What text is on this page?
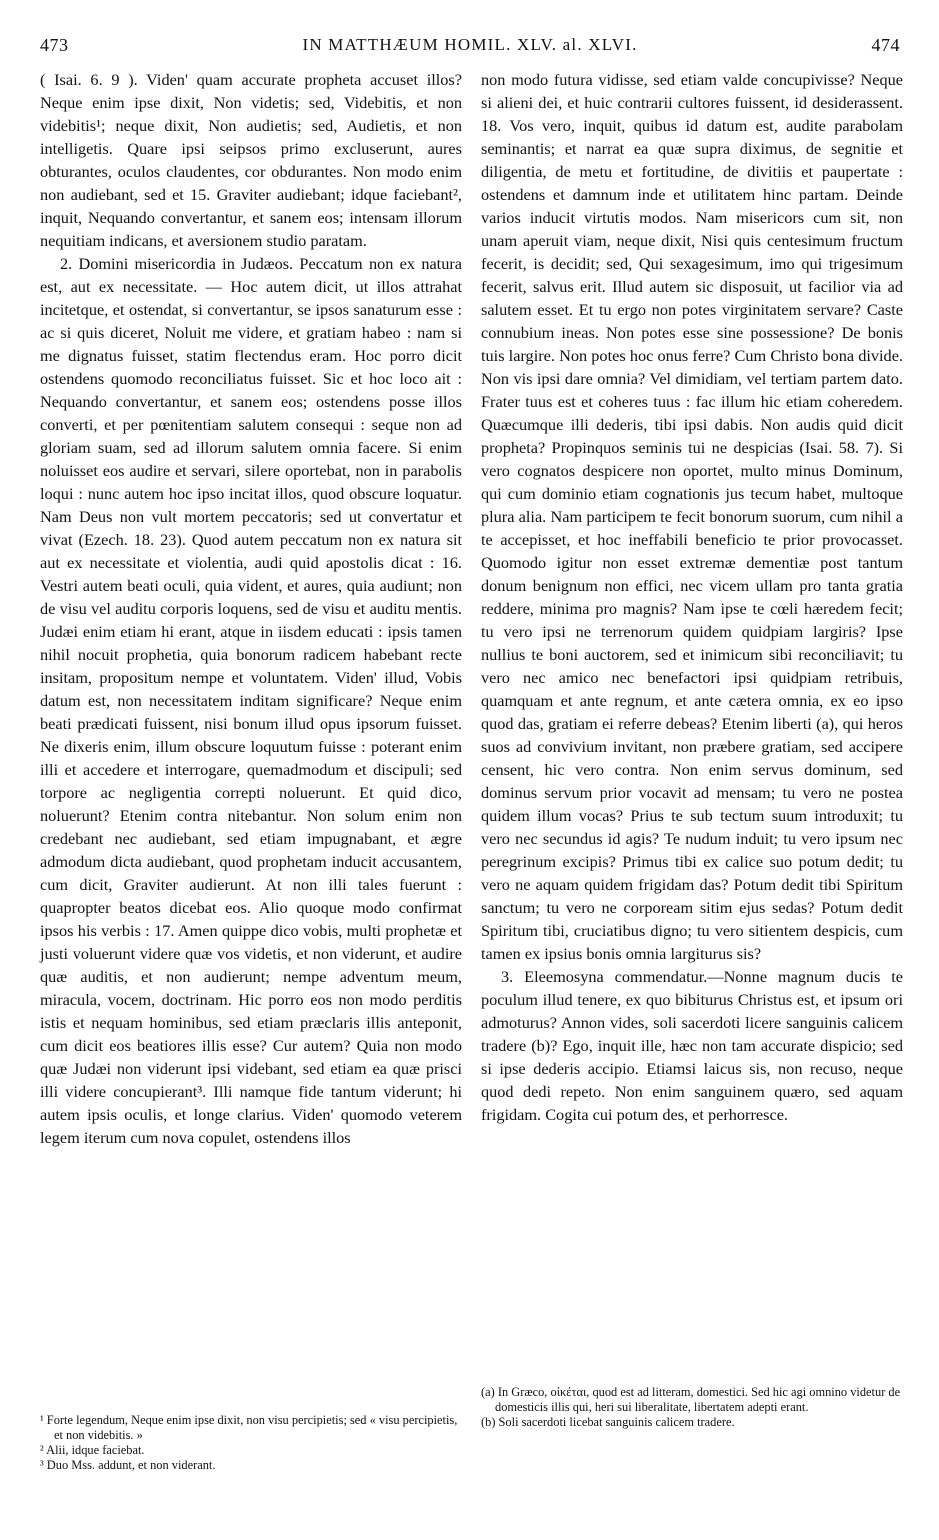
473	IN MATTHÆUM HOMIL. XLV. al. XLVI.	474

( Isai. 6. 9 ). Viden' quam accurate propheta accuset illos? Neque enim ipse dixit, Non videtis; sed, Videbitis, et non videbitis¹; neque dixit, Non audietis; sed, Audietis, et non intelligetis. Quare ipsi seipsos primo excluserunt, aures obturantes, oculos claudentes, cor obdurantes. Non modo enim non audiebant, sed et 15. Graviter audiebant; idque faciebant², inquit, Nequando convertantur, et sanem eos; intensam illorum nequitiam indicans, et aversionem studio paratam.

2. Domini misericordia in Judæos. Peccatum non ex natura est, aut ex necessitate. — Hoc autem dicit, ut illos attrahat incitetque, et ostendat, si convertantur, se ipsos sanaturum esse : ac si quis diceret, Noluit me videre, et gratiam habeo : nam si me dignatus fuisset, statim flectendus eram. Hoc porro dicit ostendens quomodo reconciliatus fuisset. Sic et hoc loco ait : Nequando convertantur, et sanem eos; ostendens posse illos converti, et per pœnitentiam salutem consequi : seque non ad gloriam suam, sed ad illorum salutem omnia facere. Si enim noluisset eos audire et servari, silere oportebat, non in parabolis loqui : nunc autem hoc ipso incitat illos, quod obscure loquatur. Nam Deus non vult mortem peccatoris; sed ut convertatur et vivat (Ezech. 18. 23). Quod autem peccatum non ex natura sit aut ex necessitate et violentia, audi quid apostolis dicat : 16. Vestri autem beati oculi, quia vident, et aures, quia audiunt; non de visu vel auditu corporis loquens, sed de visu et auditu mentis. Judæi enim etiam hi erant, atque in iisdem educati : ipsis tamen nihil nocuit prophetia, quia bonorum radicem habebant recte insitam, propositum nempe et voluntatem. Viden' illud, Vobis datum est, non necessitatem inditam significare? Neque enim beati prædicati fuissent, nisi bonum illud opus ipsorum fuisset. Ne dixeris enim, illum obscure loquutum fuisse : poterant enim illi et accedere et interrogare, quemadmodum et discipuli; sed torpore ac negligentia correpti noluerunt. Et quid dico, noluerunt? Etenim contra nitebantur. Non solum enim non credebant nec audiebant, sed etiam impugnabant, et ægre admodum dicta audiebant, quod prophetam inducit accusantem, cum dicit, Graviter audierunt. At non illi tales fuerunt : quapropter beatos dicebat eos. Alio quoque modo confirmat ipsos his verbis : 17. Amen quippe dico vobis, multi prophetæ et justi voluerunt videre quæ vos videtis, et non viderunt, et audire quæ auditis, et non audierunt; nempe adventum meum, miracula, vocem, doctrinam. Hic porro eos non modo perditis istis et nequam hominibus, sed etiam præclaris illis anteponit, cum dicit eos beatiores illis esse? Cur autem? Quia non modo quæ Judæi non viderunt ipsi videbant, sed etiam ea quæ prisci illi videre concupierant³. Illi namque fide tantum viderunt; hi autem ipsis oculis, et longe clarius. Viden' quomodo veterem legem iterum cum nova copulet, ostendens illos

non modo futura vidisse, sed etiam valde concupivisse? Neque si alieni dei, et huic contrarii cultores fuissent, id desiderassent. 18. Vos vero, inquit, quibus id datum est, audite parabolam seminantis; et narrat ea quæ supra diximus, de segnitie et diligentia, de metu et fortitudine, de divitiis et paupertate : ostendens et damnum inde et utilitatem hinc partam. Deinde varios inducit virtutis modos. Nam misericors cum sit, non unam aperuit viam, neque dixit, Nisi quis centesimum fructum fecerit, is decidit; sed, Qui sexagesimum, imo qui trigesimum fecerit, salvus erit. Illud autem sic disposuit, ut facilior via ad salutem esset. Et tu ergo non potes virginitatem servare? Caste connubium ineas. Non potes esse sine possessione? De bonis tuis largire. Non potes hoc onus ferre? Cum Christo bona divide. Non vis ipsi dare omnia? Vel dimidiam, vel tertiam partem dato. Frater tuus est et coheres tuus : fac illum hic etiam coheredem. Quæcumque illi dederis, tibi ipsi dabis. Non audis quid dicit propheta? Propinquos seminis tui ne despicias (Isai. 58. 7). Si vero cognatos despicere non oportet, multo minus Dominum, qui cum dominio etiam cognationis jus tecum habet, multoque plura alia. Nam participem te fecit bonorum suorum, cum nihil a te accepisset, et hoc ineffabili beneficio te prior provocasset. Quomodo igitur non esset extremæ dementiæ post tantum donum benignum non effici, nec vicem ullam pro tanta gratia reddere, minima pro magnis? Nam ipse te cœli hæredem fecit; tu vero ipsi ne terrenorum quidem quidpiam largiris? Ipse nullius te boni auctorem, sed et inimicum sibi reconciliavit; tu vero nec amico nec benefactori ipsi quidpiam retribuis, quamquam et ante regnum, et ante cætera omnia, ex eo ipso quod das, gratiam ei referre debeas? Etenim liberti (a), qui heros suos ad convivium invitant, non præbere gratiam, sed accipere censent, hic vero contra. Non enim servus dominum, sed dominus servum prior vocavit ad mensam; tu vero ne postea quidem illum vocas? Prius te sub tectum suum introduxit; tu vero nec secundus id agis? Te nudum induit; tu vero ipsum nec peregrinum excipis? Primus tibi ex calice suo potum dedit; tu vero ne aquam quidem frigidam das? Potum dedit tibi Spiritum sanctum; tu vero ne corpoream sitim ejus sedas? Potum dedit Spiritum tibi, cruciatibus digno; tu vero sitientem despicis, cum tamen ex ipsius bonis omnia largiturus sis?

3. Eleemosyna commendatur.—Nonne magnum ducis te poculum illud tenere, ex quo bibiturus Christus est, et ipsum ori admoturus? Annon vides, soli sacerdoti licere sanguinis calicem tradere (b)? Ego, inquit ille, hæc non tam accurate dispicio; sed si ipse dederis accipio. Etiamsi laicus sis, non recuso, neque quod dedi repeto. Non enim sanguinem quæro, sed aquam frigidam. Cogita cui potum des, et perhorresce.

¹ Forte legendum, Neque enim ipse dixit, non visu percipietis; sed « visu percipietis, et non videbitis. »
² Alii, idque faciebat.
³ Duo Mss. addunt, et non viderant.
(a) In Græco, οἰκέται, quod est ad litteram, domestici. Sed hic agi omnino videtur de domesticis illis qui, heri sui liberalitate, libertatem adepti erant.
(b) Soli sacerdoti licebat sanguinis calicem tradere.
